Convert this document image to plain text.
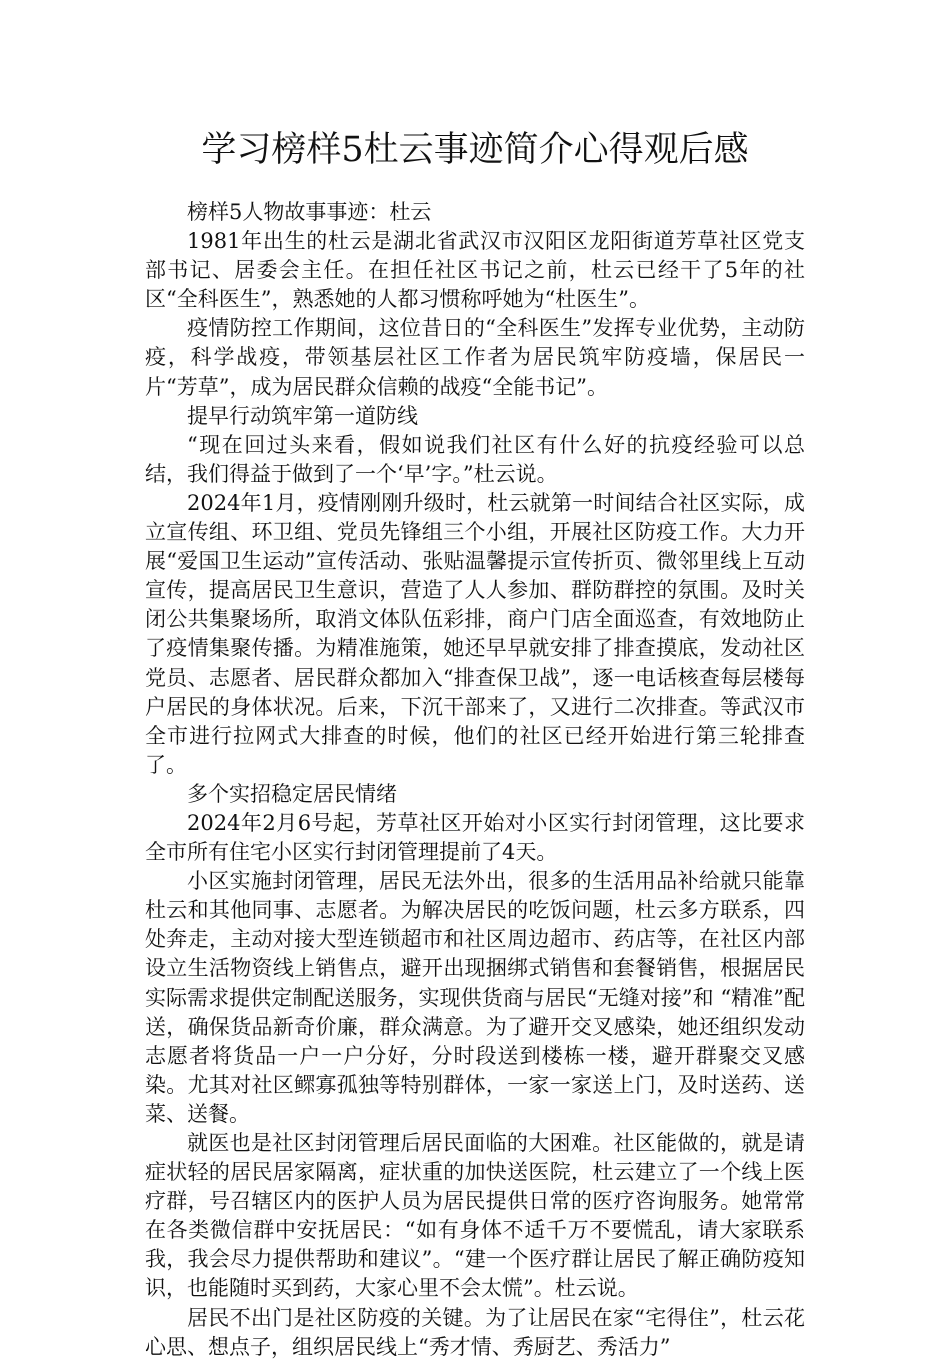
学习榜样5杜云事迹简介心得观后感

榜样5人物故事事迹：杜云

1981年出生的杜云是湖北省武汉市汉阳区龙阳街道芳草社区党支部书记、居委会主任。在担任社区书记之前，杜云已经干了5年的社区“全科医生”，熟悉她的人都习惯称呼她为“杜医生”。

疫情防控工作期间，这位昔日的“全科医生”发挥专业优势，主动防疫，科学战疫，带领基层社区工作者为居民筑牢防疫墙，保居民一片“芳草”，成为居民群众信赖的战疫“全能书记”。

提早行动筑牢第一道防线

“现在回过头来看，假如说我们社区有什么好的抗疫经验可以总结，我们得益于做到了一个‘早’字。”杜云说。

2024年1月，疫情刚刚升级时，杜云就第一时间结合社区实际，成立宣传组、环卫组、党员先锋组三个小组，开展社区防疫工作。大力开展“爱国卫生运动”宣传活动、张贴温馨提示宣传折页、微邻里线上互动宣传，提高居民卫生意识，营造了人人参加、群防群控的氛围。及时关闭公共集聚场所，取消文体队伍彩排，商户门店全面巡查，有效地防止了疫情集聚传播。为精准施策，她还早早就安排了排查摸底，发动社区党员、志愿者、居民群众都加入“排查保卫战”，逐一电话核查每层楼每户居民的身体状况。后来，下沉干部来了，又进行二次排查。等武汉市全市进行拉网式大排查的时候，他们的社区已经开始进行第三轮排查了。

多个实招稳定居民情绪

2024年2月6号起，芳草社区开始对小区实行封闭管理，这比要求全市所有住宅小区实行封闭管理提前了4天。

小区实施封闭管理，居民无法外出，很多的生活用品补给就只能靠杜云和其他同事、志愿者。为解决居民的吃饭问题，杜云多方联系，四处奔走，主动对接大型连锁超市和社区周边超市、药店等，在社区内部设立生活物资线上销售点，避开出现捆绑式销售和套餐销售，根据居民实际需求提供定制配送服务，实现供货商与居民“无缝对接”和 “精准”配送，确保货品新奇价廉，群众满意。为了避开交叉感染，她还组织发动志愿者将货品一户一户分好，分时段送到楼栋一楼，避开群聚交叉感染。尤其对社区鳏寡孤独等特别群体，一家一家送上门，及时送药、送菜、送餐。

就医也是社区封闭管理后居民面临的大困难。社区能做的，就是请症状轻的居民居家隔离，症状重的加快送医院，杜云建立了一个线上医疗群，号召辖区内的医护人员为居民提供日常的医疗咨询服务。她常常在各类微信群中安抚居民：“如有身体不适千万不要慌乱，请大家联系我，我会尽力提供帮助和建议”。“建一个医疗群让居民了解正确防疫知识，也能随时买到药，大家心里不会太慌”。杜云说。

居民不出门是社区防疫的关键。为了让居民在家“宅得住”，杜云花心思、想点子，组织居民线上“秀才情、秀厨艺、秀活力”
